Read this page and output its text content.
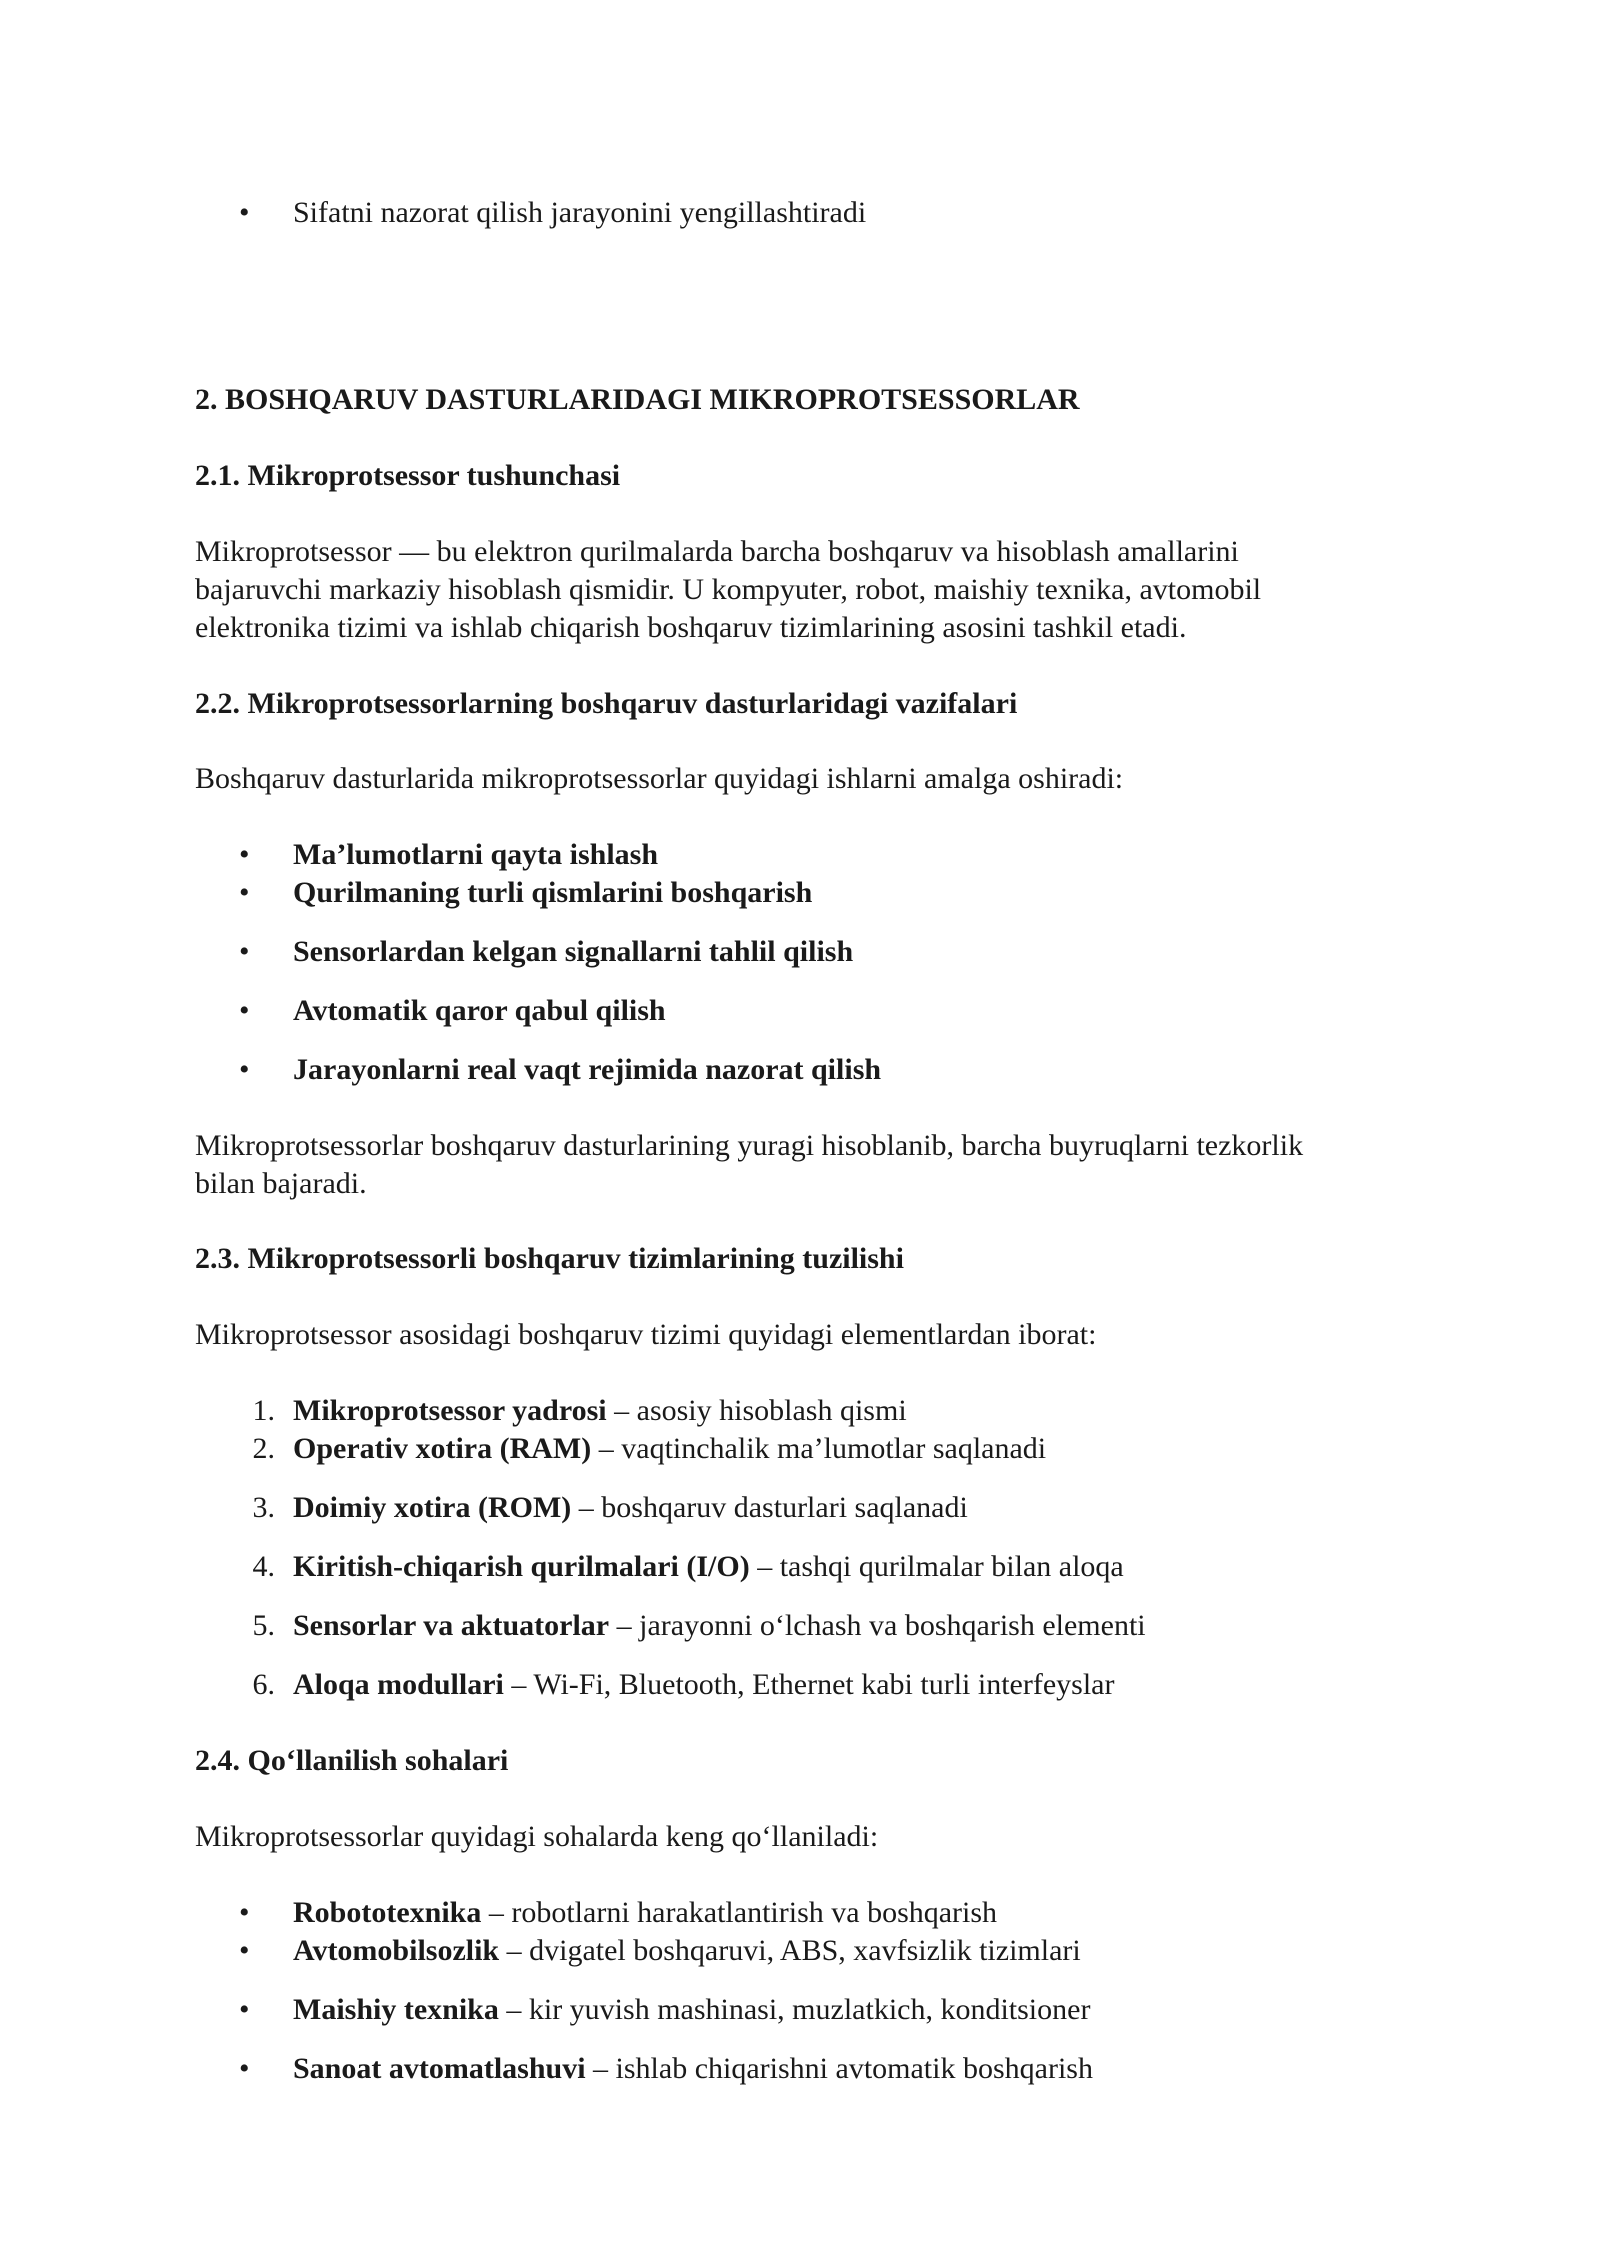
•	Sifatni nazorat qilish jarayonini yengillashtiradi

2. BOSHQARUV DASTURLARIDAGI MIKROPROTSESSORLAR

2.1. Mikroprotsessor tushunchasi

Mikroprotsessor — bu elektron qurilmalarda barcha boshqaruv va hisoblash amallarini

bajaruvchi markaziy hisoblash qismidir. U kompyuter, robot, maishiy texnika, avtomobil

elektronika tizimi va ishlab chiqarish boshqaruv tizimlarining asosini tashkil etadi.

2.2. Mikroprotsessorlarning boshqaruv dasturlaridagi vazifalari

Boshqaruv dasturlarida mikroprotsessorlar quyidagi ishlarni amalga oshiradi:

•	Ma’lumotlarni qayta ishlash
•	Qurilmaning turli qismlarini boshqarish
•	Sensorlardan kelgan signallarni tahlil qilish
•	Avtomatik qaror qabul qilish
•	Jarayonlarni real vaqt rejimida nazorat qilish

Mikroprotsessorlar boshqaruv dasturlarining yuragi hisoblanib, barcha buyruqlarni tezkorlik

bilan bajaradi.

2.3. Mikroprotsessorli boshqaruv tizimlarining tuzilishi

Mikroprotsessor asosidagi boshqaruv tizimi quyidagi elementlardan iborat:

1. Mikroprotsessor yadrosi – asosiy hisoblash qismi
2. Operativ xotira (RAM) – vaqtinchalik ma’lumotlar saqlanadi
3. Doimiy xotira (ROM) – boshqaruv dasturlari saqlanadi
4. Kiritish-chiqarish qurilmalari (I/O) – tashqi qurilmalar bilan aloqa
5. Sensorlar va aktuatorlar – jarayonni o‘lchash va boshqarish elementi
6. Aloqa modullari – Wi-Fi, Bluetooth, Ethernet kabi turli interfeyslar

2.4. Qo‘llanilish sohalari

Mikroprotsessorlar quyidagi sohalarda keng qo‘llaniladi:

•	Robototexnika – robotlarni harakatlantirish va boshqarish
•	Avtomobilsozlik – dvigatel boshqaruvi, ABS, xavfsizlik tizimlari
•	Maishiy texnika – kir yuvish mashinasi, muzlatkich, konditsioner
•	Sanoat avtomatlashuvi – ishlab chiqarishni avtomatik boshqarish
